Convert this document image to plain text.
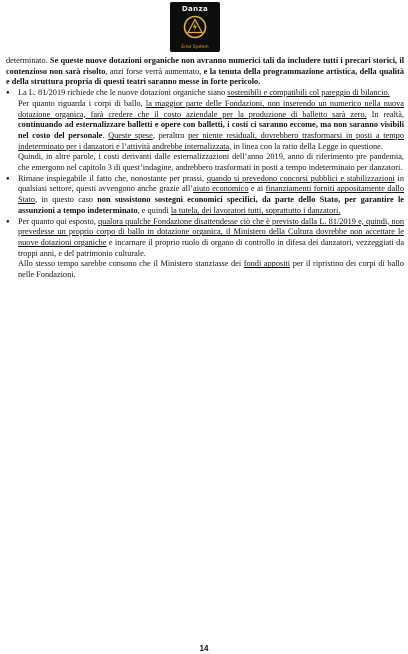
Danza
Error System

determinato. Se queste nuove dotazioni organiche non avranno numerici tali da includere tutti i precari storici, il contenzioso non sarà risolto, anzi forse verrà aumentato, e la tenuta della programmazione artistica, della qualità e della struttura propria di questi teatri saranno messe in forte pericolo.

● La L. 81/2019 richiede che le nuove dotazioni organiche siano sostenibili e compatibili col pareggio di bilancio.

Per quanto riguarda i corpi di ballo, la maggior parte delle Fondazioni, non inserendo un numerico nella nuova dotazione organica, farà credere che il costo aziendale per la produzione di balletto sarà zero. In realtà, continuando ad esternalizzare balletti e opere con balletti, i costi ci saranno eccome, ma non saranno visibili nel costo del personale. Queste spese, peraltro per niente residuali, dovrebbero trasformarsi in posti a tempo indeterminato per i danzatori e l’attività andrebbe internalizzata, in linea con la ratio della Legge in questione.

Quindi, in altre parole, i costi derivanti dalle esternalizzazioni dell’anno 2019, anno di riferimento pre pandemia, che emergono nel capitolo 3 di quest’indagine, andrebbero trasformati in posti a tempo indeterminato per danzatori.

● Rimane inspiegabile il fatto che, nonostante per prassi, quando si prevedono concorsi pubblici e stabilizzazioni in qualsiasi settore, questi avvengono anche grazie all’aiuto economico e ai finanziamenti forniti appositamente dallo Stato, in questo caso non sussistono sostegni economici specifici, da parte dello Stato, per garantire le assunzioni a tempo indeterminato, e quindi la tutela, dei lavoratori tutti, soprattutto i danzatori.

● Per quanto qui esposto, qualora qualche Fondazione disattendesse ciò che è previsto dalla L. 81/2019 e, quindi, non prevedesse un proprio corpo di ballo in dotazione organica, il Ministero della Cultura dovrebbe non accettare le nuove dotazioni organiche e incarnare il proprio ruolo di organo di controllo in difesa dei danzatori, vezzeggiati da troppi anni, e del patrimonio culturale.

Allo stesso tempo sarebbe consono che il Ministero stanziasse dei fondi appositi per il ripristino dei corpi di ballo nelle Fondazioni.

14
